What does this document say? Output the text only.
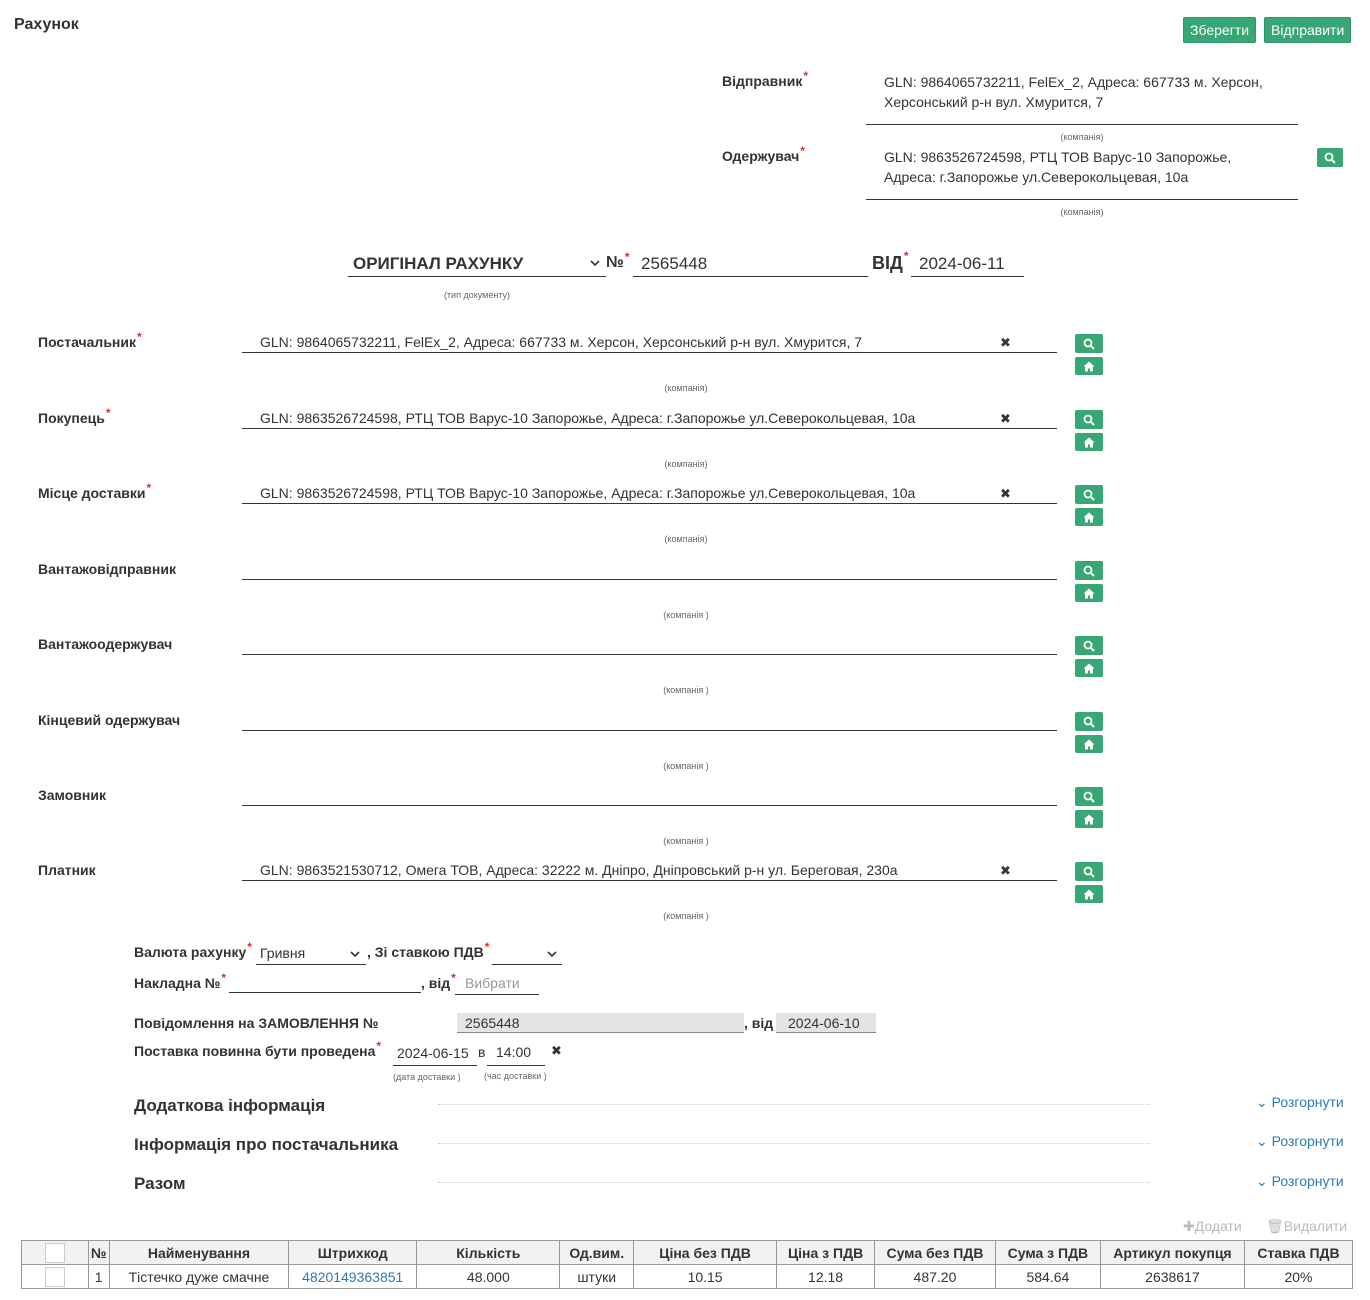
Рахунок	Зберегти	Відправити
Відправник*	GLN: 9864065732211, FelEx_2, Адреса: 667733 м. Херсон, Херсонський р-н вул. Хмурится, 7
(компанія)
Одержувач*	GLN: 9863526724598, РТЦ ТОВ Варус-10 Запорожье, Адреса: г.Запорожье ул.Северокольцевая, 10а
(компанія)
ОРИГІНАЛ РАХУНКУ	№* 2565448	ВІД* 2024-06-11
(тип документу)
Постачальник*	GLN: 9864065732211, FelEx_2, Адреса: 667733 м. Херсон, Херсонський р-н вул. Хмурится, 7	✖
(компанія)
Покупець*	GLN: 9863526724598, РТЦ ТОВ Варус-10 Запорожье, Адреса: г.Запорожье ул.Северокольцевая, 10а	✖
(компанія)
Місце доставки*	GLN: 9863526724598, РТЦ ТОВ Варус-10 Запорожье, Адреса: г.Запорожье ул.Северокольцевая, 10а	✖
(компанія)
Вантажовідправник
(компанія )
Вантажоодержувач
(компанія )
Кінцевий одержувач
(компанія )
Замовник
(компанія )
Платник	GLN: 9863521530712, Омега ТОВ, Адреса: 32222 м. Дніпро, Дніпровський р-н ул. Береговая, 230а	✖
(компанія )
Валюта рахунку* Гривня	, Зі ставкою ПДВ*
Накладна №*	, від* Вибрати
Повідомлення на ЗАМОВЛЕННЯ №	2565448	, від	2024-06-10
Поставка повинна бути проведена* 2024-06-15 в 14:00	✖
(дата доставки )	(час доставки )
Додаткова інформація	⌄ Розгорнути
Інформація про постачальника	⌄ Розгорнути
Разом	⌄ Розгорнути
✚Додати 🗑Видалити
	№	Найменування	Штрихкод	Кількість	Од.вим.	Ціна без ПДВ	Ціна з ПДВ	Сума без ПДВ	Сума з ПДВ	Артикул покупця	Ставка ПДВ
	1	Тістечко дуже смачне	4820149363851	48.000	штуки	10.15	12.18	487.20	584.64	2638617	20%
